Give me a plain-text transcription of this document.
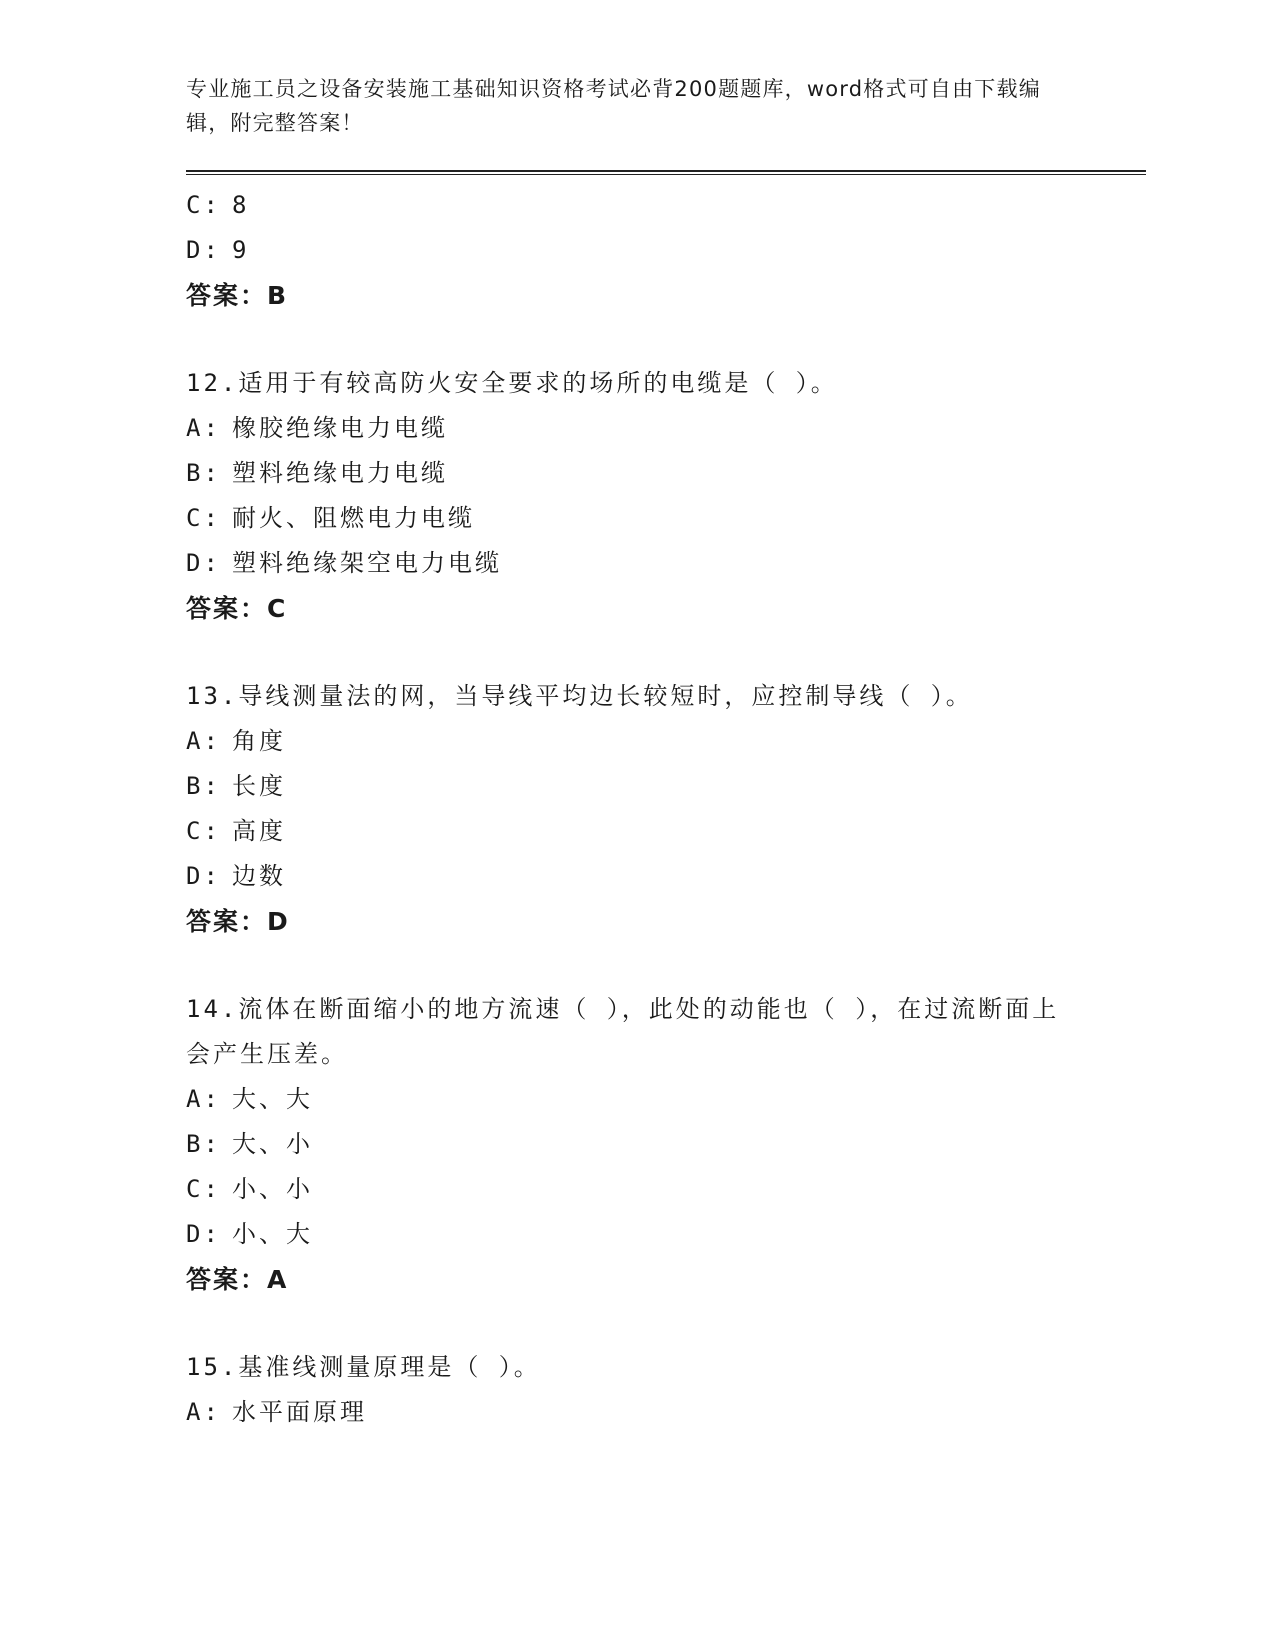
专业施工员之设备安装施工基础知识资格考试必背200题题库，word格式可自由下载编辑，附完整答案！

C: 8
D: 9
答案：B
12.适用于有较高防火安全要求的场所的电缆是（ ）。
A: 橡胶绝缘电力电缆
B: 塑料绝缘电力电缆
C: 耐火、阻燃电力电缆
D: 塑料绝缘架空电力电缆
答案：C
13.导线测量法的网，当导线平均边长较短时，应控制导线（ ）。
A: 角度
B: 长度
C: 高度
D: 边数
答案：D
14.流体在断面缩小的地方流速（ ），此处的动能也（ ），在过流断面上会产生压差。
A: 大、大
B: 大、小
C: 小、小
D: 小、大
答案：A
15.基准线测量原理是（ ）。
A: 水平面原理
